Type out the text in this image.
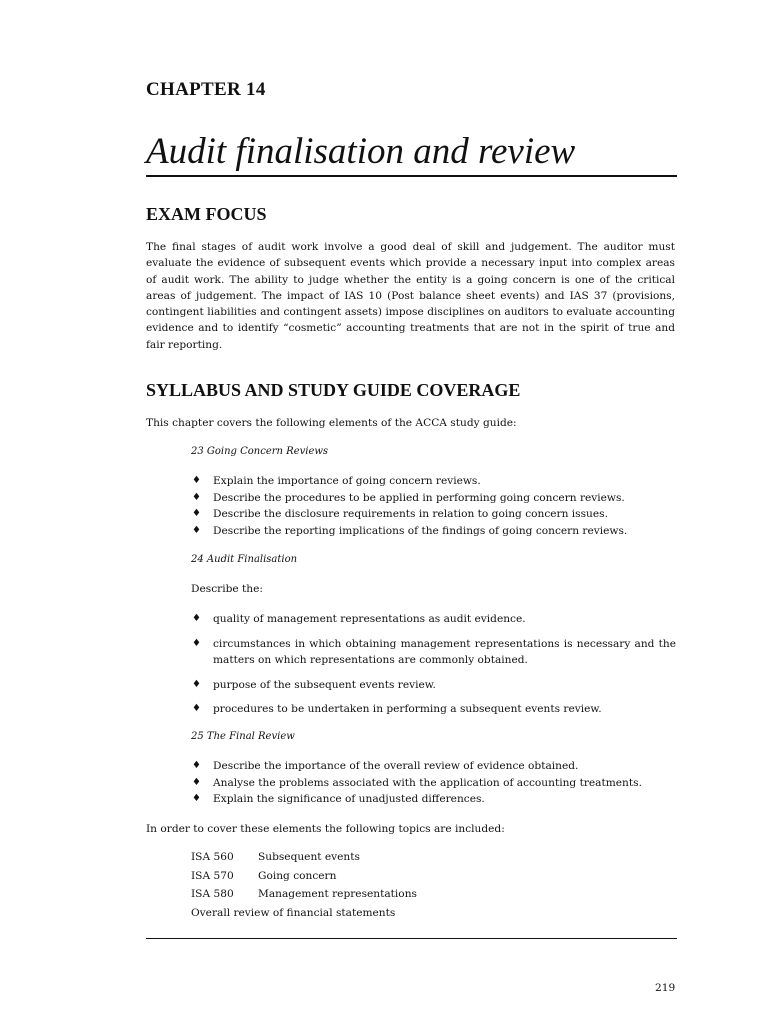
CHAPTER 14
Audit finalisation and review
EXAM FOCUS

The final stages of audit work involve a good deal of skill and judgement. The auditor must evaluate the evidence of subsequent events which provide a necessary input into complex areas of audit work. The ability to judge whether the entity is a going concern is one of the critical areas of judgement. The impact of IAS 10 (Post balance sheet events) and IAS 37 (provisions, contingent liabilities and contingent assets) impose disciplines on auditors to evaluate accounting evidence and to identify “cosmetic” accounting treatments that are not in the spirit of true and fair reporting.

SYLLABUS AND STUDY GUIDE COVERAGE

This chapter covers the following elements of the ACCA study guide:

23 Going Concern Reviews

♦ Explain the importance of going concern reviews.
♦ Describe the procedures to be applied in performing going concern reviews.
♦ Describe the disclosure requirements in relation to going concern issues.
♦ Describe the reporting implications of the findings of going concern reviews.

24 Audit Finalisation

Describe the:

♦ quality of management representations as audit evidence.
♦ circumstances in which obtaining management representations is necessary and the matters on which representations are commonly obtained.
♦ purpose of the subsequent events review.
♦ procedures to be undertaken in performing a subsequent events review.

25 The Final Review

♦ Describe the importance of the overall review of evidence obtained.
♦ Analyse the problems associated with the application of accounting treatments.
♦ Explain the significance of unadjusted differences.

In order to cover these elements the following topics are included:

ISA 560 Subsequent events
ISA 570 Going concern
ISA 580 Management representations
Overall review of financial statements
219
